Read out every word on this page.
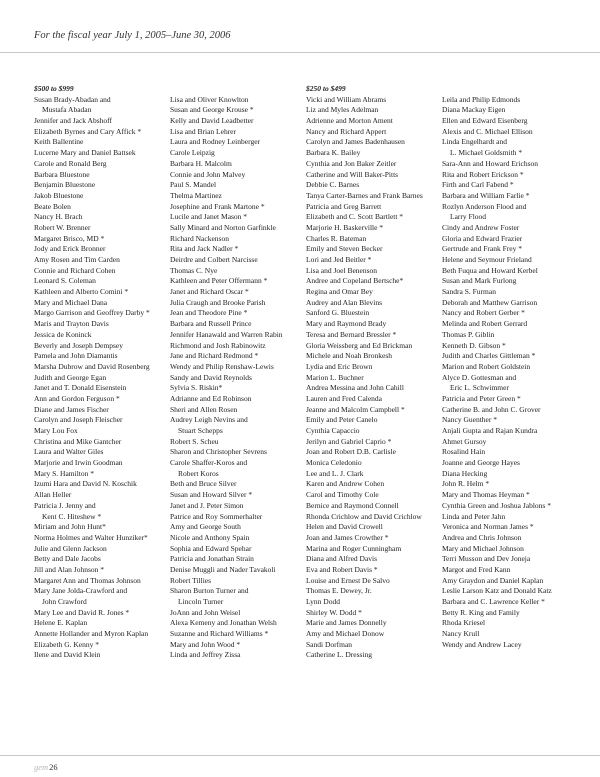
For the fiscal year July 1, 2005–June 30, 2006
$500 to $999
Susan Brady-Abadan and
Mustafa Abadan
Jennifer and Jack Abshoff
Elizabeth Byrnes and Cary Affick *
Keith Ballentine
Lucerne Mary and Daniel Battsek
Carole and Ronald Berg
Barbara Bluestone
Benjamin Bluestone
Jakob Bluestone
Beate Bolen
Nancy H. Brach
Robert W. Brenner
Margaret Brisco, MD *
Jody and Erick Bronner
Amy Rosen and Tim Carden
Connie and Richard Cohen
Leonard S. Coleman
Kathleen and Alberto Comini *
Mary and Michael Dana
Margo Garrison and Geoffrey Darby *
Maris and Trayton Davis
Jessica de Koninck
Beverly and Joseph Dempsey
Pamela and John Diamantis
Marsha Dubrow and David Rosenberg
Judith and George Egan
Janet and T. Donald Eisenstein
Ann and Gordon Ferguson *
Diane and James Fischer
Carolyn and Joseph Fleischer
Mary Lou Fox
Christina and Mike Gantcher
Laura and Walter Giles
Marjorie and Irwin Goodman
Mary S. Hamilton *
Izumi Hara and David N. Koschik
Allan Heller
Patricia J. Jenny and
Kent C. Hiteshew *
Miriam and John Hunt*
Norma Holmes and Walter Hunziker*
Julie and Glenn Jackson
Betty and Dale Jacobs
Jill and Alan Johnson *
Margaret Ann and Thomas Johnson
Mary Jane Jolda-Crawford and
John Crawford
Mary Lee and David R. Jones *
Helene E. Kaplan
Annette Hollander and Myron Kaplan
Elizabeth G. Kenny *
Ilene and David Klein

Lisa and Oliver Knowlton
Susan and George Krouse *
Kelly and David Leadbetter
Lisa and Brian Lehrer
Laura and Rodney Leinberger
Carole Leipzig
Barbara H. Malcolm
Connie and John Malvey
Paul S. Mandel
Thelma Martinez
Josephine and Frank Martone *
Lucile and Janet Mason *
Sally Minard and Norton Garfinkle
Richard Nackenson
Rita and Jack Nadler *
Deirdre and Colbert Narcisse
Thomas C. Nye
Kathleen and Peter Offermann *
Janet and Richard Oscar *
Julia Craugh and Brooke Parish
Jean and Theodore Pine *
Barbara and Russell Prince
Jennifer Hanawald and Warren Rabin
Richmond and Josh Rabinowitz
Jane and Richard Redmond *
Wendy and Philip Renshaw-Lewis
Sandy and David Reynolds
Sylvia S. Riskin*
Adrianne and Ed Robinson
Sheri and Allen Rosen
Audrey Leigh Nevins and
Stuart Schepps
Robert S. Scheu
Sharon and Christopher Sevrens
Carole Shaffer-Koros and
Robert Koros
Beth and Bruce Silver
Susan and Howard Silver *
Janet and J. Peter Simon
Patrice and Roy Sommerhalter
Amy and George South
Nicole and Anthony Spain
Sophia and Edward Spehar
Patricia and Jonathan Strain
Denise Muggli and Nader Tavakoli
Robert Tillies
Sharon Burton Turner and
Lincoln Turner
JoAnn and John Weisel
Alexa Kemeny and Jonathan Welsh
Suzanne and Richard Williams *
Mary and John Wood *
Linda and Jeffrey Zissa
$250 to $499
Vicki and William Abrams
Liz and Myles Adelman
Adrienne and Morton Ament
Nancy and Richard Appert
Carolyn and James Badenhausen
Barbara K. Bailey
Cynthia and Jon Baker Zeitler
Catherine and Will Baker-Pitts
Debbie C. Barnes
Tanya Carter-Barnes and Frank Barnes
Patricia and Greg Barrett
Elizabeth and C. Scott Bartlett *
Marjorie H. Baskerville *
Charles R. Bateman
Emily and Steven Becker
Lori and Jed Beitler *
Lisa and Joel Benenson
Andree and Copeland Bertsche*
Regina and Omar Bey
Audrey and Alan Blevins
Sanford G. Bluestein
Mary and Raymond Brady
Teresa and Bernard Bressler *
Gloria Weissberg and Ed Brickman
Michele and Noah Bronkesh
Lydia and Eric Brown
Marion L. Buchner
Andrea Messina and John Cahill
Lauren and Fred Calenda
Jeanne and Malcolm Campbell *
Emily and Peter Canelo
Cynthia Capaccio
Jerilyn and Gabriel Caprio *
Joan and Robert D.B. Carlisle
Monica Celedonio
Lee and L. J. Clark
Karen and Andrew Cohen
Carol and Timothy Cole
Bernice and Raymond Connell
Rhonda Crichlow and David Crichlow
Helen and David Crowell
Joan and James Crowther *
Marina and Roger Cunningham
Diana and Alfred Davis
Eva and Robert Davis *
Louise and Ernest De Salvo
Thomas E. Dewey, Jr.
Lynn Dodd
Shirley W. Dodd *
Marie and James Donnelly
Amy and Michael Donow
Sandi Dorfman
Catherine L. Dressing

Leila and Philip Edmonds
Diana Mackay Eigen
Ellen and Edward Eisenberg
Alexis and C. Michael Ellison
Linda Engelhardt and
L. Michael Goldsmith *
Sara-Ann and Howard Erichson
Rita and Robert Erickson *
Firth and Carl Fabend *
Barbara and William Farlie *
Rozlyn Anderson Flood and
Larry Flood
Cindy and Andrew Foster
Gloria and Edward Frazier
Gertrude and Frank Frey *
Helene and Seymour Frieland
Beth Fuqua and Howard Kerbel
Susan and Mark Furlong
Sandra S. Furman
Deborah and Matthew Garrison
Nancy and Robert Gerber *
Melinda and Robert Gerrard
Thomas P. Giblin
Kenneth D. Gibson *
Judith and Charles Gittleman *
Marion and Robert Goldstein
Alyce D. Gottesman and
Eric L. Schwimmer
Patricia and Peter Green *
Catherine B. and John C. Grover
Nancy Guenther *
Anjali Gupta and Rajan Kundra
Ahmet Gursoy
Rosalind Hain
Joanne and George Hayes
Diana Hecking
John R. Helm *
Mary and Thomas Heyman *
Cynthia Green and Joshua Jablons *
Linda and Peter Jahn
Veronica and Norman James *
Andrea and Chris Johnson
Mary and Michael Johnson
Terri Musson and Dev Joneja
Margot and Fred Kann
Amy Graydon and Daniel Kaplan
Leslie Larson Katz and Donald Katz
Barbara and C. Lawrence Keller *
Betty R. King and Family
Rhoda Kriesel
Nancy Krull
Wendy and Andrew Lacey
gem26
